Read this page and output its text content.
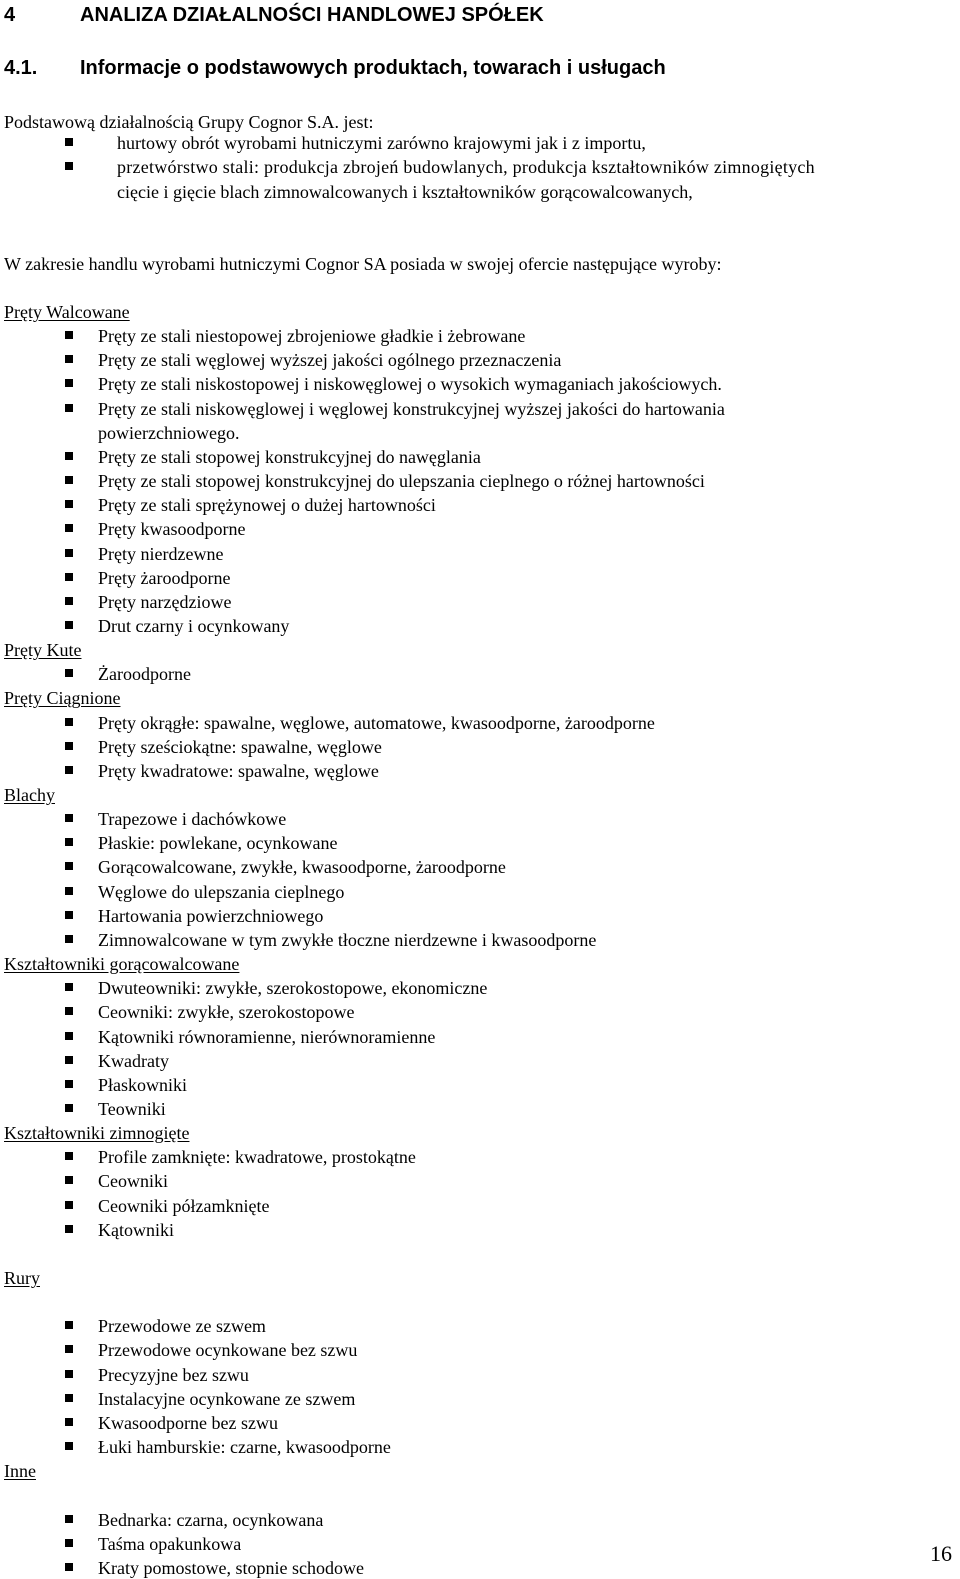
4	ANALIZA DZIAŁALNOŚCI HANDLOWEJ SPÓŁEK
4.1. Informacje o podstawowych produktach, towarach i usługach
Podstawową działalnością Grupy Cognor S.A. jest:
hurtowy obrót wyrobami hutniczymi zarówno krajowymi jak i z importu,
przetwórstwo stali: produkcja zbrojeń budowlanych, produkcja kształtowników zimnogiętych
cięcie i gięcie blach zimnowalcowanych i kształtowników gorącowalcowanych,
W zakresie handlu wyrobami hutniczymi Cognor SA posiada w swojej ofercie następujące wyroby:
Pręty Walcowane
Pręty ze stali niestopowej zbrojeniowe gładkie i żebrowane
Pręty ze stali węglowej wyższej jakości ogólnego przeznaczenia
Pręty ze stali niskostopowej i niskowęglowej o wysokich wymaganiach jakościowych.
Pręty ze stali niskowęglowej i węglowej konstrukcyjnej wyższej jakości do hartowania
powierzchniowego.
Pręty ze stali stopowej konstrukcyjnej do nawęglania
Pręty ze stali stopowej konstrukcyjnej do ulepszania cieplnego o różnej hartowności
Pręty ze stali sprężynowej o dużej hartowności
Pręty kwasoodporne
Pręty nierdzewne
Pręty żaroodporne
Pręty narzędziowe
Drut czarny i ocynkowany
Pręty Kute
Żaroodporne
Pręty Ciągnione
Pręty okrągłe: spawalne, węglowe, automatowe, kwasoodporne, żaroodporne
Pręty sześciokątne: spawalne, węglowe
Pręty kwadratowe: spawalne, węglowe
Blachy
Trapezowe i dachówkowe
Płaskie: powlekane, ocynkowane
Gorącowalcowane, zwykłe, kwasoodporne, żaroodporne
Węglowe do ulepszania cieplnego
Hartowania powierzchniowego
Zimnowalcowane w tym zwykłe tłoczne nierdzewne i kwasoodporne
Kształtowniki gorącowalcowane
Dwuteowniki: zwykłe, szerokostopowe, ekonomiczne
Ceowniki: zwykłe, szerokostopowe
Kątowniki równoramienne, nierównoramienne
Kwadraty
Płaskowniki
Teowniki
Kształtowniki zimnogięte
Profile zamknięte: kwadratowe, prostokątne
Ceowniki
Ceowniki półzamknięte
Kątowniki
Rury
Przewodowe ze szwem
Przewodowe ocynkowane bez szwu
Precyzyjne bez szwu
Instalacyjne ocynkowane ze szwem
Kwasoodporne bez szwu
Łuki hamburskie: czarne, kwasoodporne
Inne
Bednarka: czarna, ocynkowana
Taśma opakunkowa
Kraty pomostowe, stopnie schodowe
16
